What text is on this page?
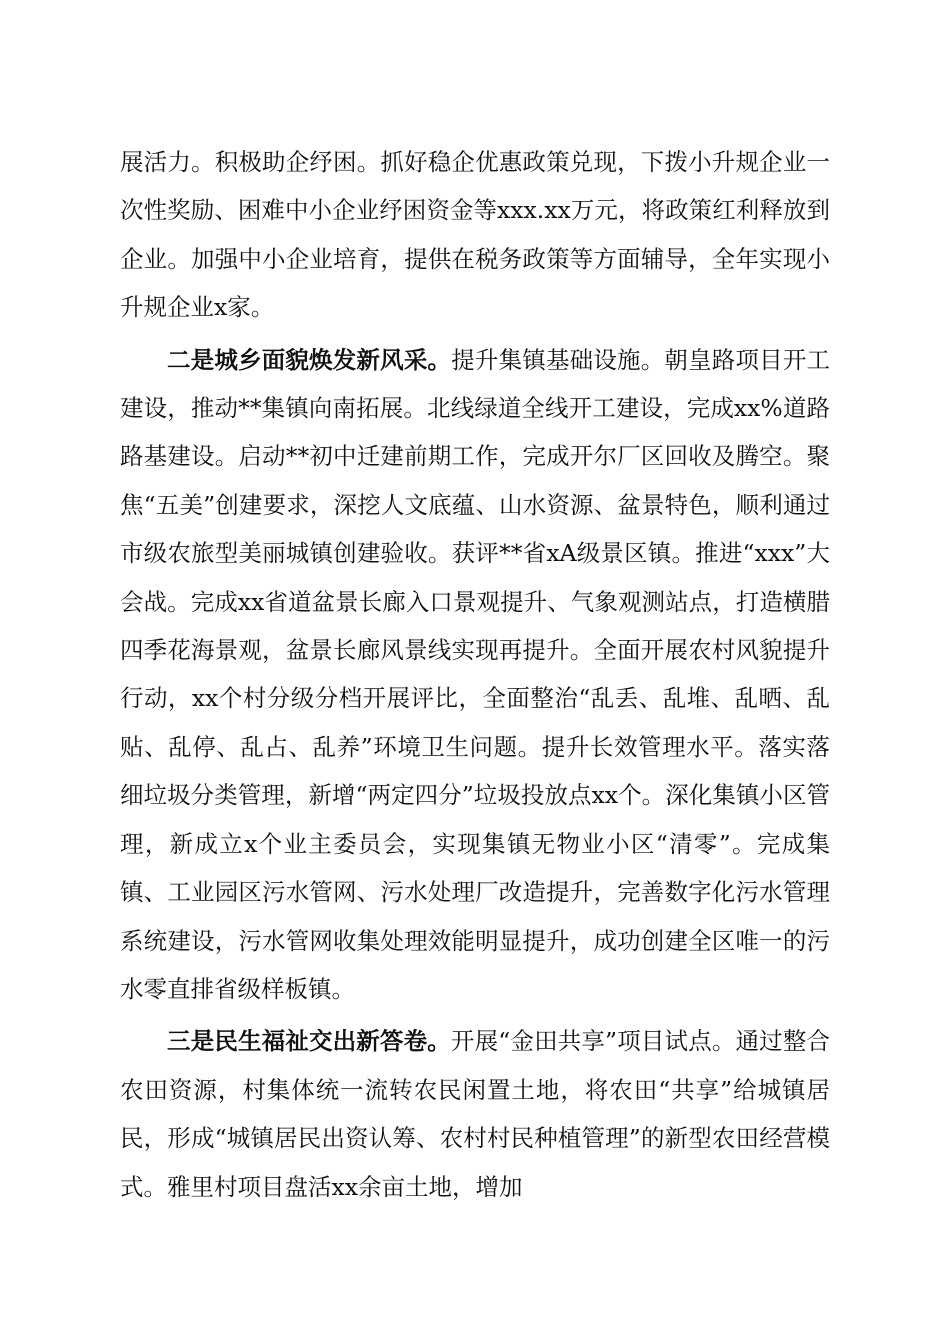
展活力。积极助企纾困。抓好稳企优惠政策兑现，下拨小升规企业一次性奖励、困难中小企业纾困资金等xxx.xx万元，将政策红利释放到企业。加强中小企业培育，提供在税务政策等方面辅导，全年实现小升规企业x家。

二是城乡面貌焕发新风采。提升集镇基础设施。朝皇路项目开工建设，推动**集镇向南拓展。北线绿道全线开工建设，完成xx%道路路基建设。启动**初中迁建前期工作，完成开尔厂区回收及腾空。聚焦“五美”创建要求，深挖人文底蕴、山水资源、盆景特色，顺利通过市级农旅型美丽城镇创建验收。获评**省xA级景区镇。推进“xxx”大会战。完成xx省道盆景长廊入口景观提升、气象观测站点，打造横腊四季花海景观，盆景长廊风景线实现再提升。全面开展农村风貌提升行动，xx个村分级分档开展评比，全面整治“乱丢、乱堆、乱晒、乱贴、乱停、乱占、乱养”环境卫生问题。提升长效管理水平。落实落细垃圾分类管理，新增“两定四分”垃圾投放点xx个。深化集镇小区管理，新成立x个业主委员会，实现集镇无物业小区“清零”。完成集镇、工业园区污水管网、污水处理厂改造提升，完善数字化污水管理系统建设，污水管网收集处理效能明显提升，成功创建全区唯一的污水零直排省级样板镇。

三是民生福祉交出新答卷。开展“金田共享”项目试点。通过整合农田资源，村集体统一流转农民闲置土地，将农田“共享”给城镇居民，形成“城镇居民出资认筹、农村村民种植管理”的新型农田经营模式。雅里村项目盘活xx余亩土地，增加
